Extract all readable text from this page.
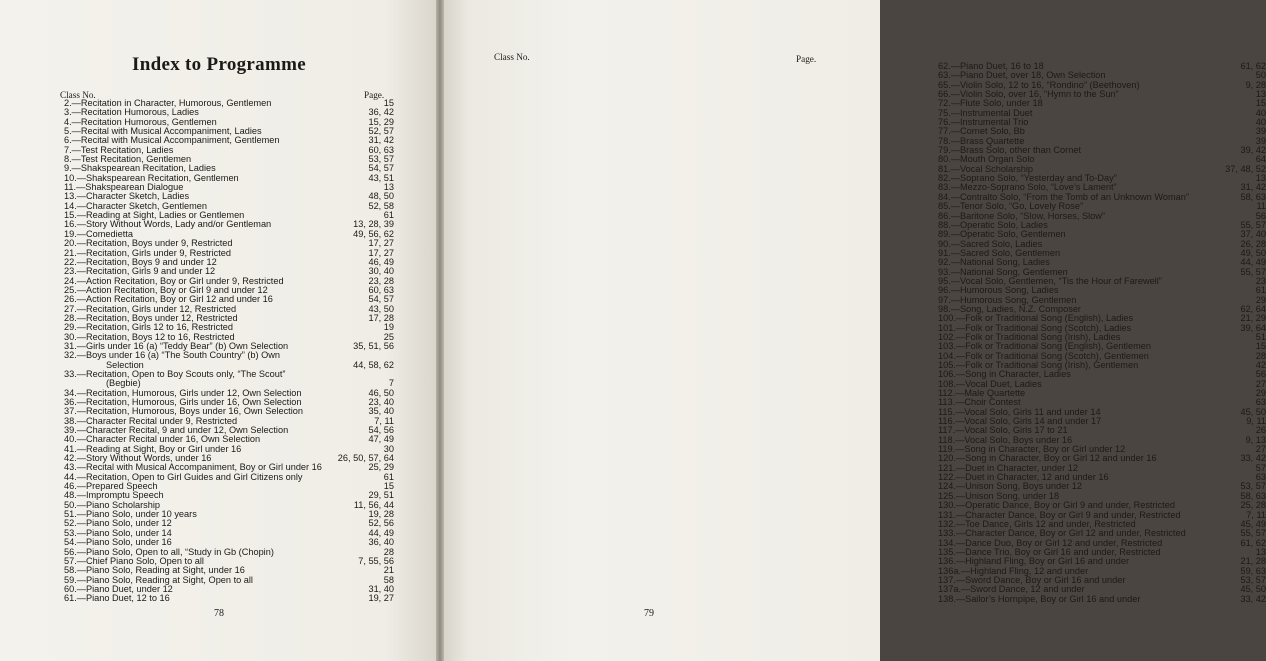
Index to Programme
Class No.	Page.
2.—Recitation in Character, Humorous, Gentlemen	15
3.—Recitation Humorous, Ladies	36, 42
4.—Recitation Humorous, Gentlemen	15, 29
5.—Recital with Musical Accompaniment, Ladies	52, 57
6.—Recital with Musical Accompaniment, Gentlemen	31, 42
7.—Test Recitation, Ladies	60, 63
8.—Test Recitation, Gentlemen	53, 57
9.—Shakspearean Recitation, Ladies	54, 57
10.—Shakspearean Recitation, Gentlemen	43, 51
11.—Shakspearean Dialogue	13
13.—Character Sketch, Ladies	48, 50
14.—Character Sketch, Gentlemen	52, 58
15.—Reading at Sight, Ladies or Gentlemen	61
16.—Story Without Words, Lady and/or Gentleman	13, 28, 39
19.—Comedietta	49, 56, 62
20.—Recitation, Boys under 9, Restricted	17, 27
21.—Recitation, Girls under 9, Restricted	17, 27
22.—Recitation, Boys 9 and under 12	46, 49
23.—Recitation, Girls 9 and under 12	30, 40
24.—Action Recitation, Boy or Girl under 9, Restricted	23, 28
25.—Action Recitation, Boy or Girl 9 and under 12	60, 63
26.—Action Recitation, Boy or Girl 12 and under 16	54, 57
27.—Recitation, Girls under 12, Restricted	43, 50
28.—Recitation, Boys under 12, Restricted	17, 28
29.—Recitation, Girls 12 to 16, Restricted	19
30.—Recitation, Boys 12 to 16, Restricted	25
31.—Girls under 16 (a) “Teddy Bear” (b) Own Selection	35, 51, 56
32.—Boys under 16 (a) “The South Country” (b) Own
Selection	44, 58, 62
33.—Recitation, Open to Boy Scouts only, “The Scout”
(Begbie)	7
34.—Recitation, Humorous, Girls under 12, Own Selection	46, 50
36.—Recitation, Humorous, Girls under 16, Own Selection	23, 40
37.—Recitation, Humorous, Boys under 16, Own Selection	35, 40
38.—Character Recital under 9, Restricted	7, 11
39.—Character Recital, 9 and under 12, Own Selection	54, 56
40.—Character Recital under 16, Own Selection	47, 49
41.—Reading at Sight, Boy or Girl under 16	30
42.—Story Without Words, under 16	26, 50, 57, 64
43.—Recital with Musical Accompaniment, Boy or Girl under 16	25, 29
44.—Recitation, Open to Girl Guides and Girl Citizens only	61
46.—Prepared Speech	15
48.—Impromptu Speech	29, 51
50.—Piano Scholarship	11, 56, 44
51.—Piano Solo, under 10 years	19, 28
52.—Piano Solo, under 12	52, 56
53.—Piano Solo, under 14	44, 49
54.—Piano Solo, under 16	36, 40
56.—Piano Solo, Open to all, “Study in Gb (Chopin)	28
57.—Chief Piano Solo, Open to all	7, 55, 56
58.—Piano Solo, Reading at Sight, under 16	21
59.—Piano Solo, Reading at Sight, Open to all	58
60.—Piano Duet, under 12	31, 40
61.—Piano Duet, 12 to 16	19, 27
78
Class No.	Page.
62.—Piano Duet, 16 to 18	61, 62
63.—Piano Duet, over 18, Own Selection	50
65.—Violin Solo, 12 to 16, “Rondino” (Beethoven)	9, 28
66.—Violin Solo, over 16, “Hymn to the Sun”	13
72.—Flute Solo, under 18	15
75.—Instrumental Duet	40
76.—Instrumental Trio	40
77.—Cornet Solo, Bb	39
78.—Brass Quartette	39
79.—Brass Solo, other than Cornet	39, 42
80.—Mouth Organ Solo	64
81.—Vocal Scholarship	37, 48, 52
82.—Soprano Solo, “Yesterday and To-Day”	13
83.—Mezzo-Soprano Solo, “Love’s Lament”	31, 42
84.—Contralto Solo, “From the Tomb of an Unknown Woman”	58, 63
85.—Tenor Solo, “Go, Lovely Rose”	11
86.—Baritone Solo, “Slow, Horses, Slow”	56
88.—Operatic Solo, Ladies	55, 57
89.—Operatic Solo, Gentlemen	37, 40
90.—Sacred Solo, Ladies	26, 28
91.—Sacred Solo, Gentlemen	49, 50
92.—National Song, Ladies	44, 49
93.—National Song, Gentlemen	55, 57
95.—Vocal Solo, Gentlemen, “Tis the Hour of Farewell”	23
96.—Humorous Song, Ladies	61
97.—Humorous Song, Gentlemen	29
98.—Song, Ladies, N.Z. Composer	62, 64
100.—Folk or Traditional Song (English), Ladies	21, 29
101.—Folk or Traditional Song (Scotch), Ladies	39, 64
102.—Folk or Traditional Song (Irish), Ladies	51
103.—Folk or Traditional Song (English), Gentlemen	15
104.—Folk or Traditional Song (Scotch), Gentlemen	28
105.—Folk or Traditional Song (Irish), Gentlemen	42
106.—Song in Character, Ladies	56
108.—Vocal Duet, Ladies	27
112.—Male Quartette	29
113.—Choir Contest	63
115.—Vocal Solo, Girls 11 and under 14	45, 50
116.—Vocal Solo, Girls 14 and under 17	9, 11
117.—Vocal Solo, Girls 17 to 21	26
118.—Vocal Solo, Boys under 16	9, 13
119.—Song in Character, Boy or Girl under 12	27
120.—Song in Character, Boy or Girl 12 and under 16	33, 42
121.—Duet in Character, under 12	57
122.—Duet in Character, 12 and under 16	63
124.—Unison Song, Boys under 12	53, 57
125.—Unison Song, under 18	58, 63
130.—Operatic Dance, Boy or Girl 9 and under, Restricted	25, 28
131.—Character Dance, Boy or Girl 9 and under, Restricted	7, 11
132.—Toe Dance, Girls 12 and under, Restricted	45, 49
133.—Character Dance, Boy or Girl 12 and under, Restricted	55, 57
134.—Dance Duo, Boy or Girl 12 and under, Restricted	61, 62
135.—Dance Trio, Boy or Girl 16 and under, Restricted	13
136.—Highland Fling, Boy or Girl 16 and under	21, 28
136a.—Highland Fling, 12 and under	59, 63
137.—Sword Dance, Boy or Girl 16 and under	53, 57
137a.—Sword Dance, 12 and under	45, 50
138.—Sailor’s Hornpipe, Boy or Girl 16 and under	33, 42
79
